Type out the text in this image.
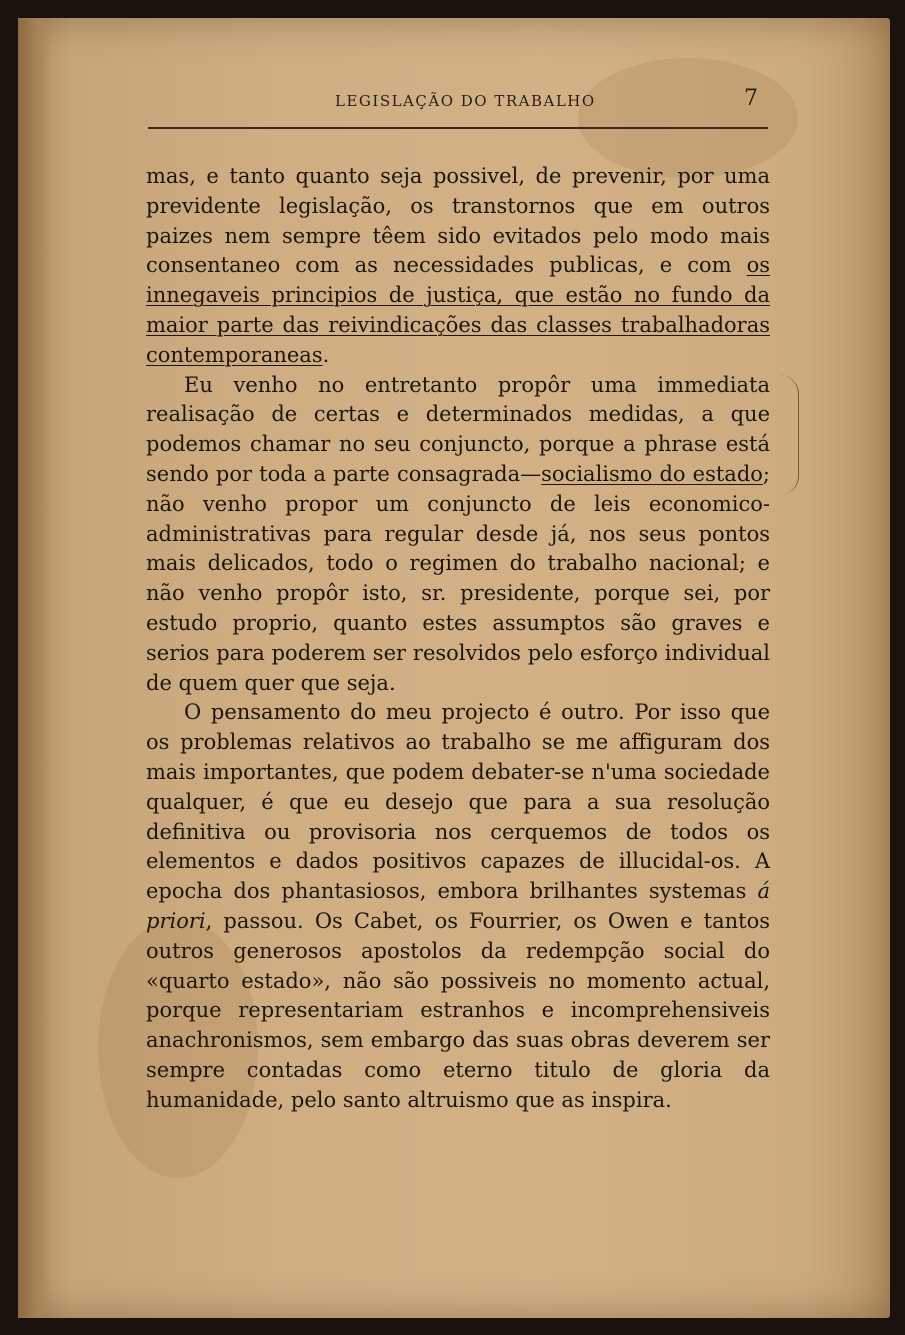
LEGISLAÇÃO DO TRABALHO	7

mas, e tanto quanto seja possivel, de prevenir, por uma previdente legislação, os transtornos que em outros paizes nem sempre têem sido evitados pelo modo mais consentaneo com as necessidades publicas, e com os innegaveis principios de justiça, que estão no fundo da maior parte das reivindicações das classes trabalhadoras contemporaneas.

Eu venho no entretanto propôr uma immediata realisação de certas e determinados medidas, a que podemos chamar no seu conjuncto, porque a phrase está sendo por toda a parte consagrada—socialismo do estado; não venho propor um conjuncto de leis economico-administrativas para regular desde já, nos seus pontos mais delicados, todo o regimen do trabalho nacional; e não venho propôr isto, sr. presidente, porque sei, por estudo proprio, quanto estes assumptos são graves e serios para poderem ser resolvidos pelo esforço individual de quem quer que seja.

O pensamento do meu projecto é outro. Por isso que os problemas relativos ao trabalho se me affiguram dos mais importantes, que podem debater-se n'uma sociedade qualquer, é que eu desejo que para a sua resolução definitiva ou provisoria nos cerquemos de todos os elementos e dados positivos capazes de illucidal-os. A epocha dos phantasiosos, embora brilhantes systemas á priori, passou. Os Cabet, os Fourrier, os Owen e tantos outros generosos apostolos da redempção social do «quarto estado», não são possiveis no momento actual, porque representariam estranhos e incomprehensiveis anachronismos, sem embargo das suas obras deverem ser sempre contadas como eterno titulo de gloria da humanidade, pelo santo altruismo que as inspira.
